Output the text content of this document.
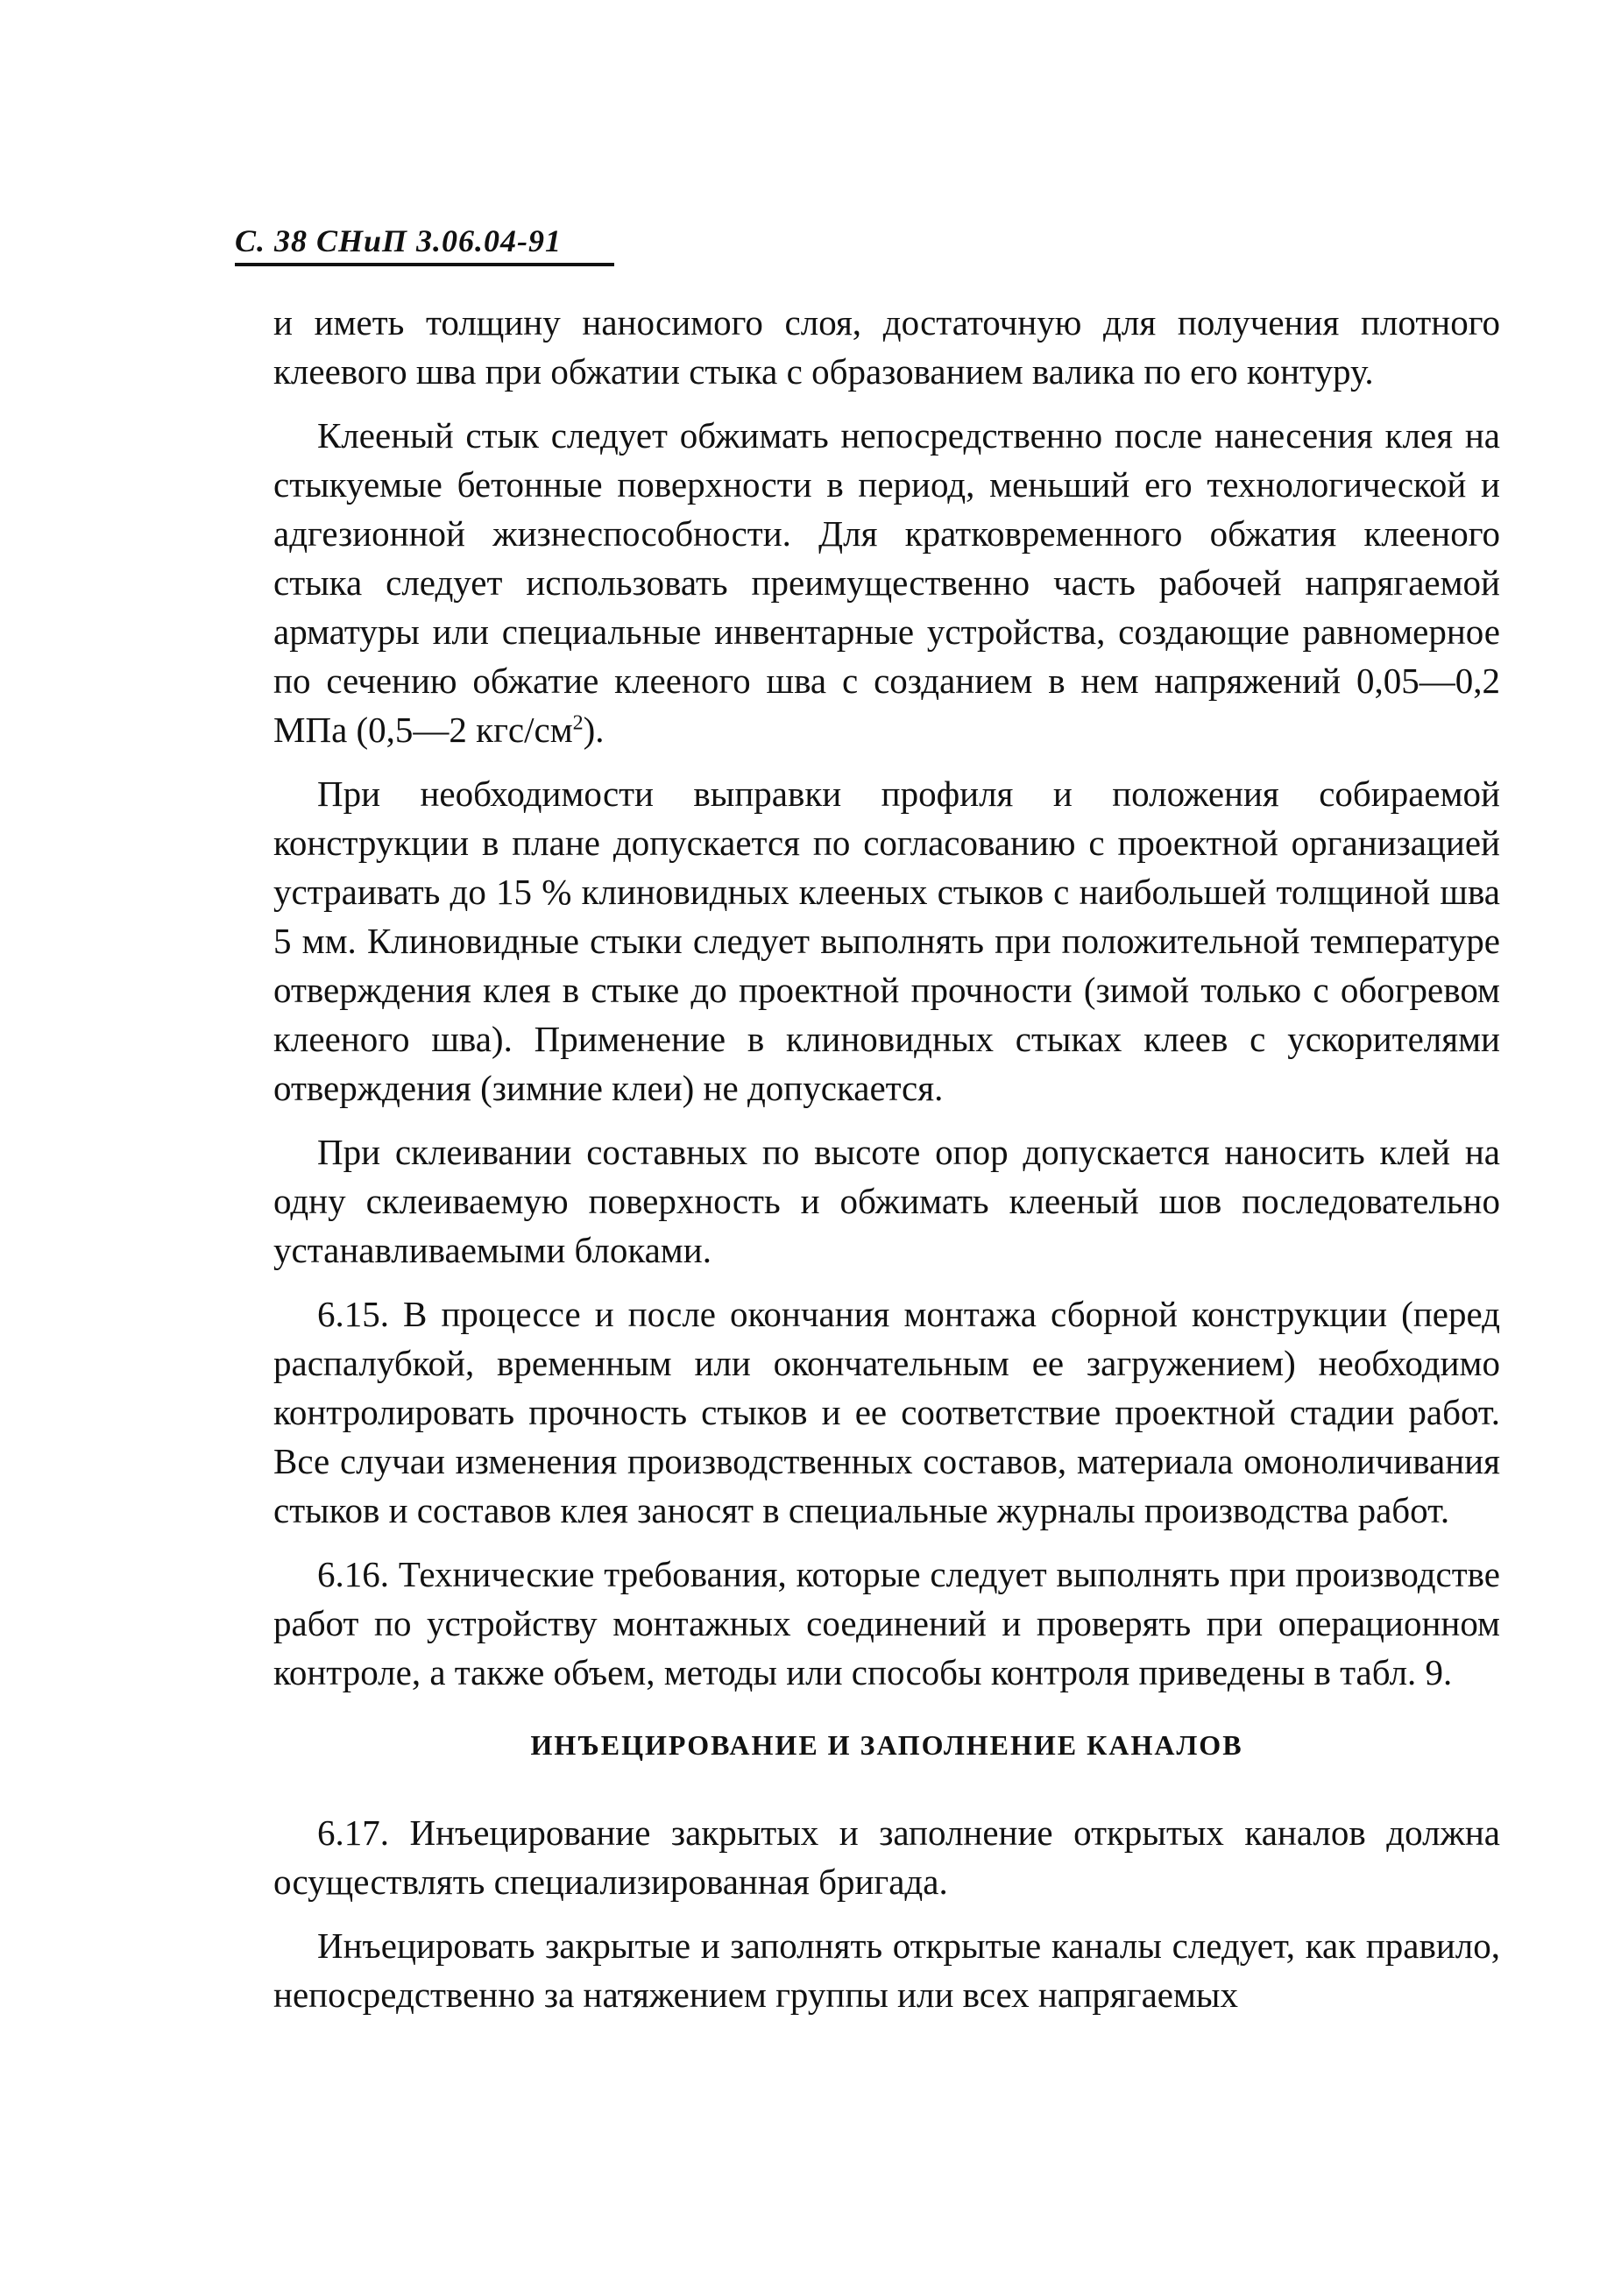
С. 38 СНиП 3.06.04-91

и иметь толщину наносимого слоя, достаточную для получения плотного клеевого шва при обжатии стыка с образованием валика по его контуру.

Клееный стык следует обжимать непосредственно после нанесения клея на стыкуемые бетонные поверхности в период, меньший его технологической и адгезионной жизнеспособности. Для кратковременного обжатия клееного стыка следует использовать преимущественно часть рабочей напрягаемой арматуры или специальные инвентарные устройства, создающие равномерное по сечению обжатие клееного шва с созданием в нем напряжений 0,05—0,2 МПа (0,5—2 кгс/$см^2$).

При необходимости выправки профиля и положения собираемой конструкции в плане допускается по согласованию с проектной организацией устраивать до 15 % клиновидных клееных стыков с наибольшей толщиной шва 5 мм. Клиновидные стыки следует выполнять при положительной температуре отверждения клея в стыке до проектной прочности (зимой только с обогревом клееного шва). Применение в клиновидных стыках клеев с ускорителями отверждения (зимние клеи) не допускается.

При склеивании составных по высоте опор допускается наносить клей на одну склеиваемую поверхность и обжимать клееный шов последовательно устанавливаемыми блоками.

6.15. В процессе и после окончания монтажа сборной конструкции (перед распалубкой, временным или окончательным ее загружением) необходимо контролировать прочность стыков и ее соответствие проектной стадии работ. Все случаи изменения производственных составов, материала омоноличивания стыков и составов клея заносят в специальные журналы производства работ.

6.16. Технические требования, которые следует выполнять при производстве работ по устройству монтажных соединений и проверять при операционном контроле, а также объем, методы или способы контроля приведены в табл. 9.

ИНЪЕЦИРОВАНИЕ И ЗАПОЛНЕНИЕ КАНАЛОВ

6.17. Инъецирование закрытых и заполнение открытых каналов должна осуществлять специализированная бригада.

Инъецировать закрытые и заполнять открытые каналы следует, как правило, непосредственно за натяжением группы или всех напрягаемых
